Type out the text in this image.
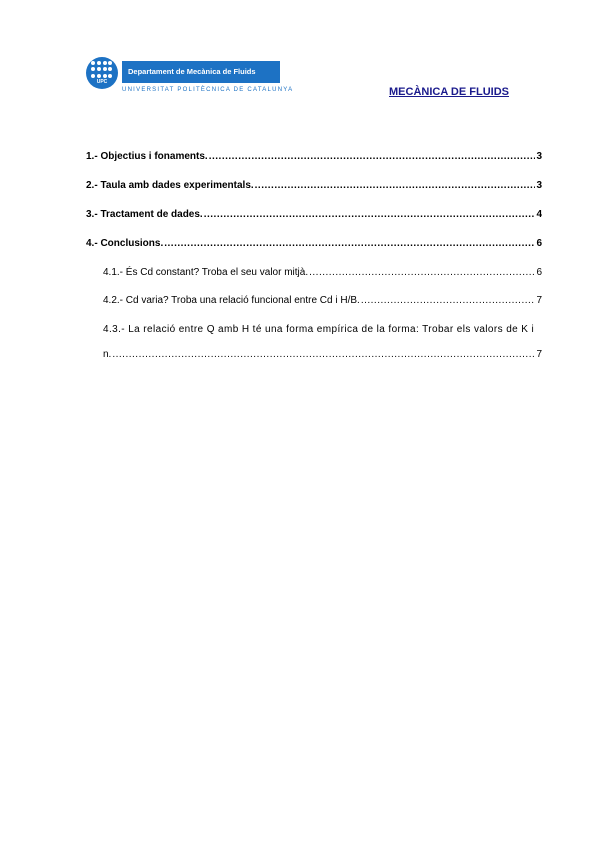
UPC
Departament de Mecànica de Fluids
UNIVERSITAT POLITÈCNICA DE CATALUNYA	MECÀNICA DE FLUIDS
1.- Objectius i fonaments. .....	3
2.- Taula amb dades experimentals. .....	3
3.- Tractament de dades. .....	4
4.- Conclusions. .....	6
4.1.- És Cd constant? Troba el seu valor mitjà. .....	6
4.2.- Cd varia? Troba una relació funcional entre Cd i H/B. .....	7
4.3.- La relació entre Q amb H té una forma empírica de la forma: Trobar els valors de K i
n. .....	7
